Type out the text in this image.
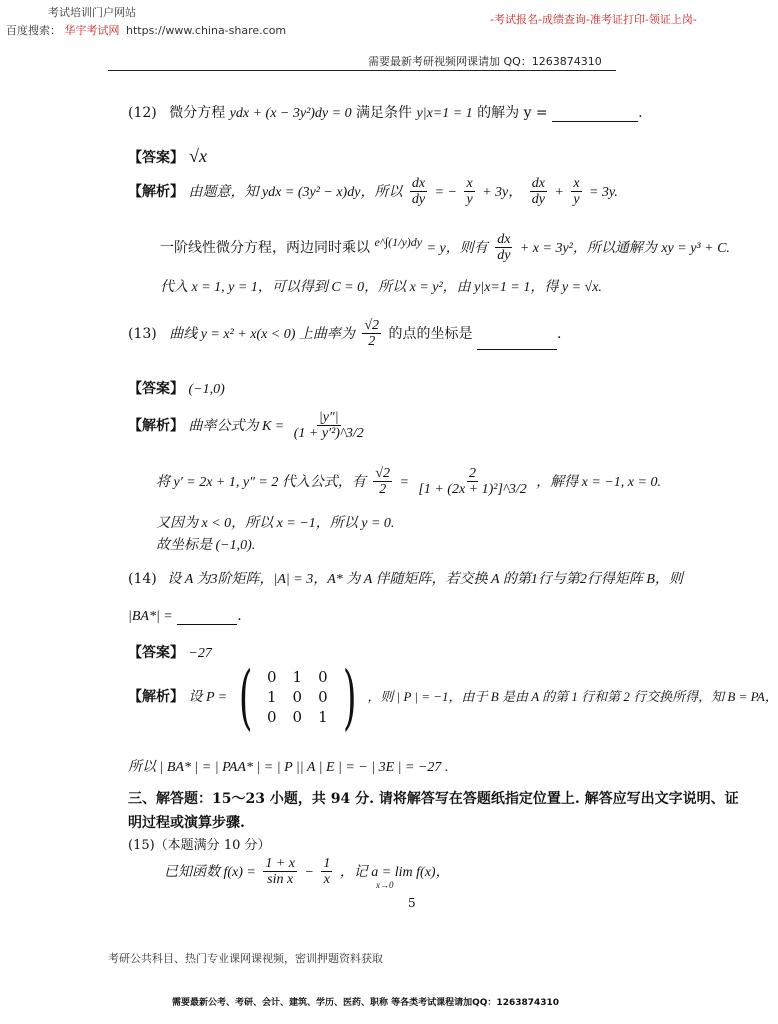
考试培训门户网站
百度搜索： 华宇考试网 https://www.china-share.com
-考试报名-成绩查询-准考证打印-领证上岗-
需要最新考研视频网课请加 QQ：1263874310
(12) 微分方程 ydx + (x − 3y²)dy = 0 满足条件 y|x=1 = 1 的解为 y =	.
【答案】 √x
【解析】 由题意，知 ydx = (3y² − x)dy，所以 $\frac{dx}{dy}$ = − $\frac{x}{y} + 3y$， $\frac{dx}{dy} + \frac{x}{y} = 3y$.
一阶线性微分方程，两边同时乘以 e^∫(1/y)dy = y，则有 $\frac{dx}{dy} + x = 3y^2$，所以通解为 xy = y³ + C.
代入 x = 1, y = 1，可以得到 C = 0，所以 x = y²，由 y|x=1 = 1，得 y = √x.
(13) 曲线 y = x² + x(x < 0) 上曲率为 $\frac{√2}{2}$ 的点的坐标是	.
【答案】 (−1,0)
【解析】 曲率公式为 $K = \frac{|y''|}{\text{(1 + y′²)\textasciicircum{}3/2}}$
将 y′ = 2x + 1, y″ = 2 代入公式，有 $\frac{√2}{2} = \frac{2}{\text{[1 + (2x + 1)²]\textasciicircum{}3/2}}$ ，解得 x = −1, x = 0.
又因为 x < 0，所以 x = −1，所以 y = 0.
故坐标是 (−1,0).
(14) 设 A 为3阶矩阵，|A| = 3，A* 为 A 伴随矩阵，若交换 A 的第1行与第2行得矩阵 B，则
|BA*| =	.
【答案】 −27
【解析】 设 P = ( 0	1	0
1	0	0
0	0	1 ) ，则 | P | = −1，由于 B 是由 A 的第 1 行和第 2 行交换所得，知 B = PA，
所以 | BA* | = | PAA* | = | P || A | E | = − | 3E | = −27 .
三、解答题：15～23 小题，共 94 分. 请将解答写在答题纸指定位置上. 解答应写出文字说明、证
明过程或演算步骤.
(15)（本题满分 10 分）
已知函数 $f(x) = \frac{1 + x}{\text{sin x}} - \frac{1}{x}$ ，记 a = lim f(x)，
x→0
5
考研公共科目、热门专业课网课视频，密训押题资料获取
需要最新公考、考研、会计、建筑、学历、医药、职称 等各类考试课程请加QQ：1263874310
